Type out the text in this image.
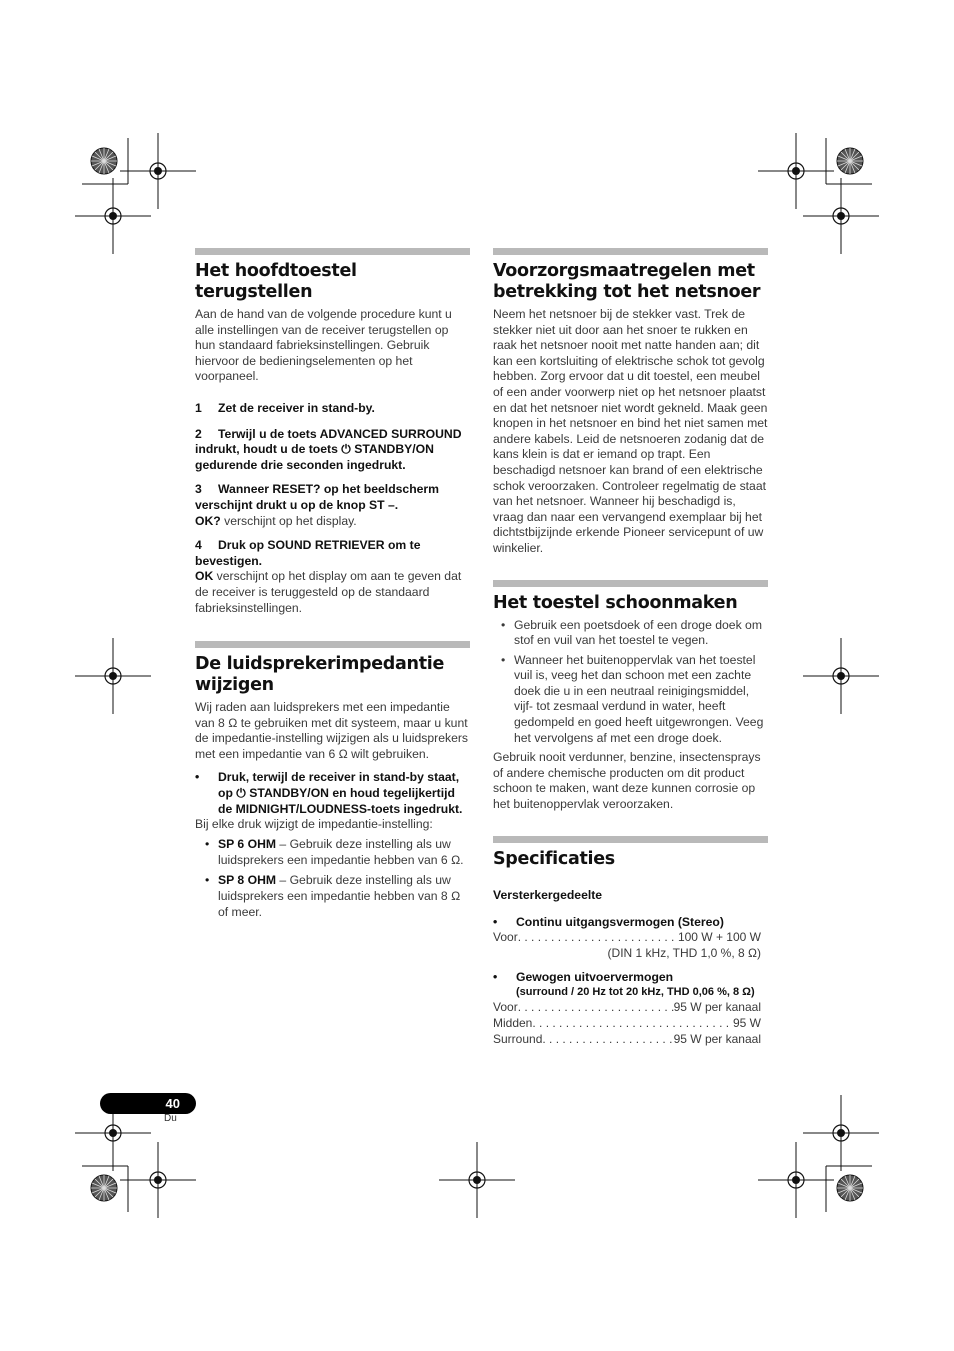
Het hoofdtoestel terugstellen

Aan de hand van de volgende procedure kunt u alle instellingen van de receiver terugstellen op hun standaard fabrieksinstellingen. Gebruik hiervoor de bedieningselementen op het voorpaneel.

1 Zet de receiver in stand-by.

2 Terwijl u de toets ADVANCED SURROUND indrukt, houdt u de toets ⏻ STANDBY/ON gedurende drie seconden ingedrukt.

3 Wanneer RESET? op het beeldscherm verschijnt drukt u op de knop ST –.

OK? verschijnt op het display.

4 Druk op SOUND RETRIEVER om te bevestigen.

OK verschijnt op het display om aan te geven dat de receiver is teruggesteld op de standaard fabrieksinstellingen.

De luidsprekerimpedantie wijzigen

Wij raden aan luidsprekers met een impedantie van 8 Ω te gebruiken met dit systeem, maar u kunt de impedantie-instelling wijzigen als u luidsprekers met een impedantie van 6 Ω wilt gebruiken.

• Druk, terwijl de receiver in stand-by staat, op ⏻ STANDBY/ON en houd tegelijkertijd de MIDNIGHT/LOUDNESS-toets ingedrukt.

Bij elke druk wijzigt de impedantie-instelling:

• SP 6 OHM – Gebruik deze instelling als uw luidsprekers een impedantie hebben van 6 Ω.
• SP 8 OHM – Gebruik deze instelling als uw luidsprekers een impedantie hebben van 8 Ω of meer.
Voorzorgsmaatregelen met betrekking tot het netsnoer

Neem het netsnoer bij de stekker vast. Trek de stekker niet uit door aan het snoer te rukken en raak het netsnoer nooit met natte handen aan; dit kan een kortsluiting of elektrische schok tot gevolg hebben. Zorg ervoor dat u dit toestel, een meubel of een ander voorwerp niet op het netsnoer plaatst en dat het netsnoer niet wordt gekneld. Maak geen knopen in het netsnoer en bind het niet samen met andere kabels. Leid de netsnoeren zodanig dat de kans klein is dat er iemand op trapt. Een beschadigd netsnoer kan brand of een elektrische schok veroorzaken. Controleer regelmatig de staat van het netsnoer. Wanneer hij beschadigd is, vraag dan naar een vervangend exemplaar bij het dichtstbijzijnde erkende Pioneer servicepunt of uw winkelier.

Het toestel schoonmaken
• Gebruik een poetsdoek of een droge doek om stof en vuil van het toestel te vegen.
• Wanneer het buitenoppervlak van het toestel vuil is, veeg het dan schoon met een zachte doek die u in een neutraal reinigingsmiddel, vijf- tot zesmaal verdund in water, heeft gedompeld en goed heeft uitgewrongen. Veeg het vervolgens af met een droge doek.

Gebruik nooit verdunner, benzine, insectensprays of andere chemische producten om dit product schoon te maken, want deze kunnen corrosie op het buitenoppervlak veroorzaken.

Specificaties

Versterkergedeelte

• Continu uitgangsvermogen (Stereo)

Voor . . .	100 W + 100 W

(DIN 1 kHz, THD 1,0 %, 8 Ω)

• Gewogen uitvoervermogen

(surround / 20 Hz tot 20 kHz, THD 0,06 %, 8 Ω)

Voor . . .	95 W per kanaal
Midden . . .	95 W
Surround . . .	95 W per kanaal
40
Du
